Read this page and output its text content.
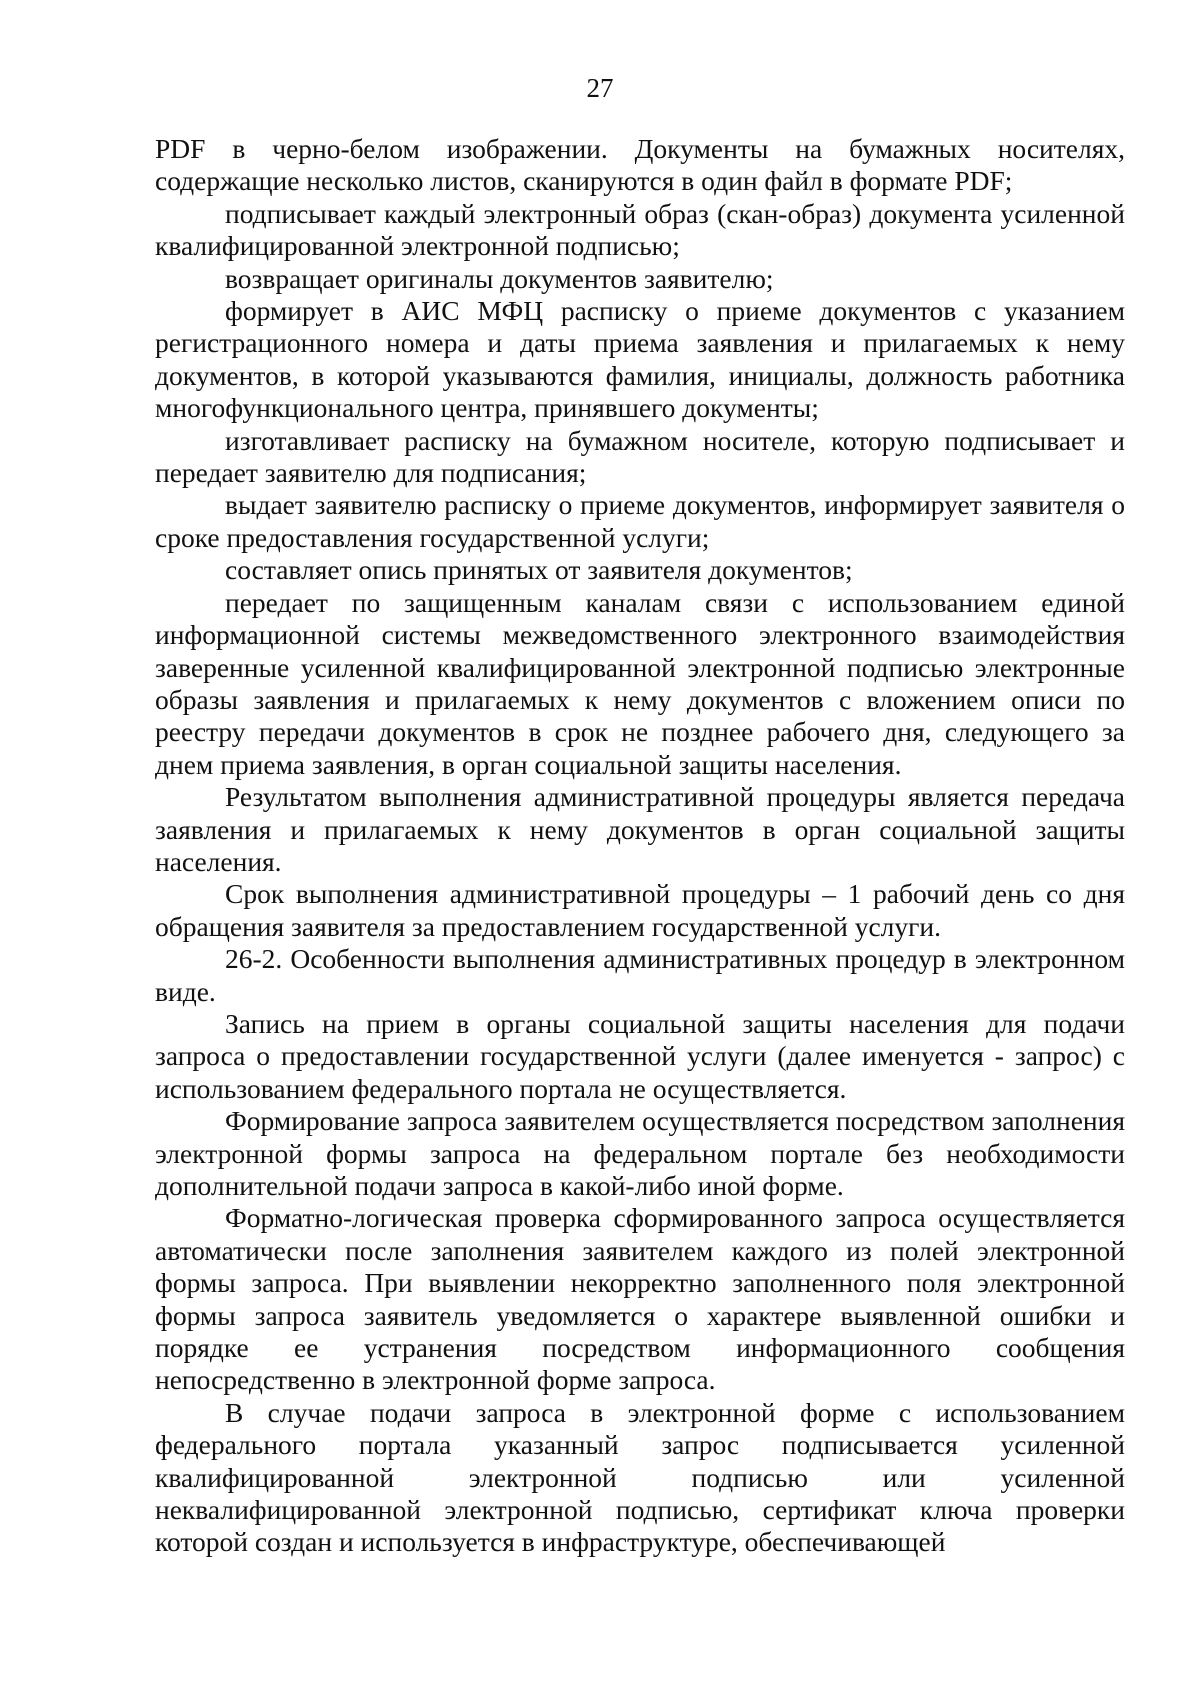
27

PDF в черно-белом изображении. Документы на бумажных носителях, содержащие несколько листов, сканируются в один файл в формате PDF;

подписывает каждый электронный образ (скан-образ) документа усиленной квалифицированной электронной подписью;

возвращает оригиналы документов заявителю;

формирует в АИС МФЦ расписку о приеме документов с указанием регистрационного номера и даты приема заявления и прилагаемых к нему документов, в которой указываются фамилия, инициалы, должность работника многофункционального центра, принявшего документы;

изготавливает расписку на бумажном носителе, которую подписывает и передает заявителю для подписания;

выдает заявителю расписку о приеме документов, информирует заявителя о сроке предоставления государственной услуги;

составляет опись принятых от заявителя документов;

передает по защищенным каналам связи с использованием единой информационной системы межведомственного электронного взаимодействия заверенные усиленной квалифицированной электронной подписью электронные образы заявления и прилагаемых к нему документов с вложением описи по реестру передачи документов в срок не позднее рабочего дня, следующего за днем приема заявления, в орган социальной защиты населения.

Результатом выполнения административной процедуры является передача заявления и прилагаемых к нему документов в орган социальной защиты населения.

Срок выполнения административной процедуры – 1 рабочий день со дня обращения заявителя за предоставлением государственной услуги.

26-2. Особенности выполнения административных процедур в электронном виде.

Запись на прием в органы социальной защиты населения для подачи запроса о предоставлении государственной услуги (далее именуется - запрос) с использованием федерального портала не осуществляется.

Формирование запроса заявителем осуществляется посредством заполнения электронной формы запроса на федеральном портале без необходимости дополнительной подачи запроса в какой-либо иной форме.

Форматно-логическая проверка сформированного запроса осуществляется автоматически после заполнения заявителем каждого из полей электронной формы запроса. При выявлении некорректно заполненного поля электронной формы запроса заявитель уведомляется о характере выявленной ошибки и порядке ее устранения посредством информационного сообщения непосредственно в электронной форме запроса.

В случае подачи запроса в электронной форме с использованием федерального портала указанный запрос подписывается усиленной квалифицированной электронной подписью или усиленной неквалифицированной электронной подписью, сертификат ключа проверки которой создан и используется в инфраструктуре, обеспечивающей
